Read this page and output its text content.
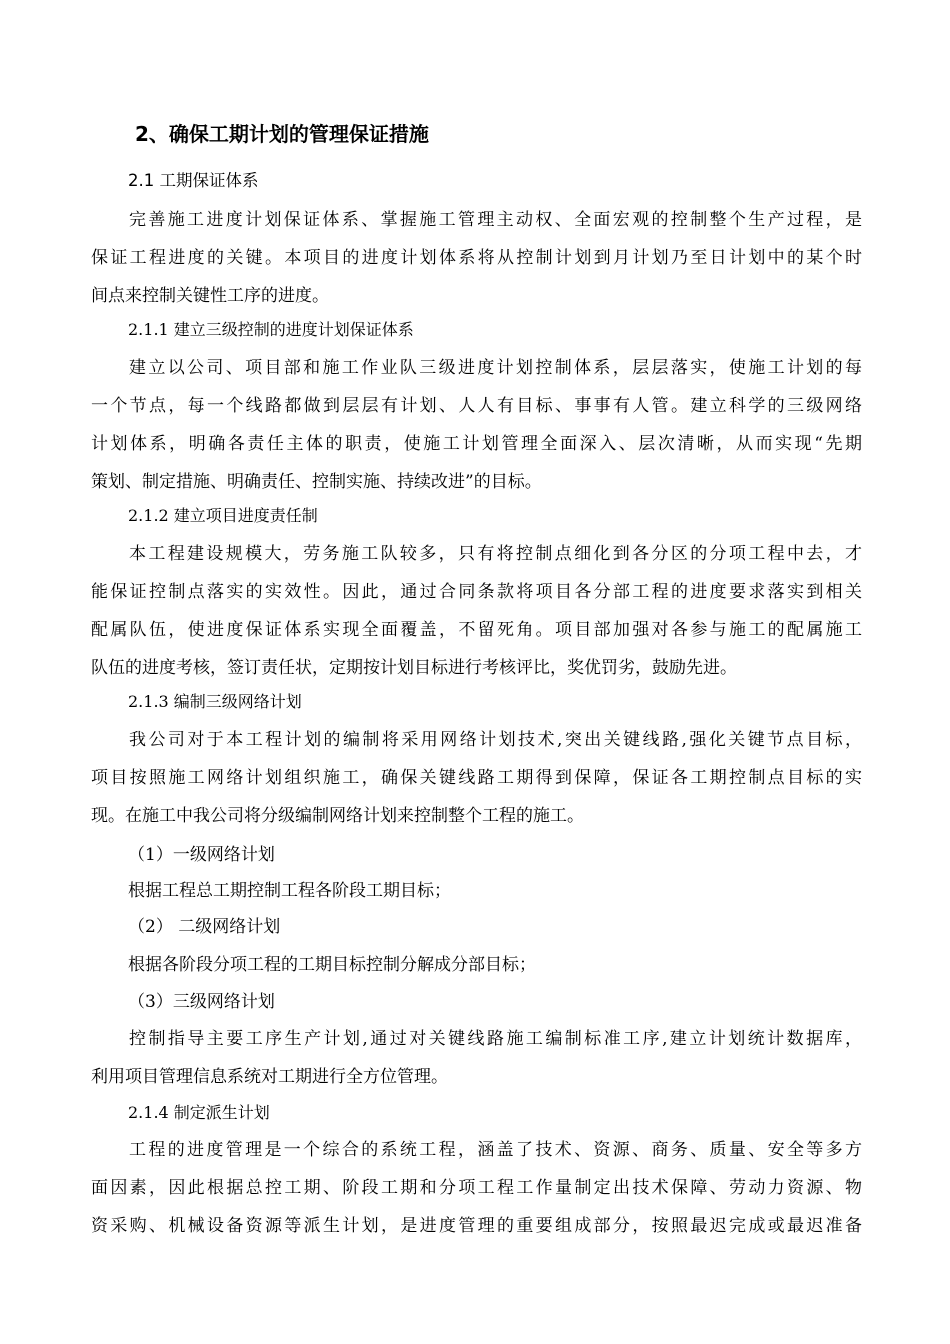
2、确保工期计划的管理保证措施
2.1 工期保证体系
完善施工进度计划保证体系、掌握施工管理主动权、全面宏观的控制整个生产过程，是
保证工程进度的关键。本项目的进度计划体系将从控制计划到月计划乃至日计划中的某个时
间点来控制关键性工序的进度。
2.1.1 建立三级控制的进度计划保证体系
建立以公司、项目部和施工作业队三级进度计划控制体系，层层落实，使施工计划的每
一个节点，每一个线路都做到层层有计划、人人有目标、事事有人管。建立科学的三级网络
计划体系，明确各责任主体的职责，使施工计划管理全面深入、层次清晰，从而实现“先期
策划、制定措施、明确责任、控制实施、持续改进”的目标。
2.1.2 建立项目进度责任制
本工程建设规模大，劳务施工队较多，只有将控制点细化到各分区的分项工程中去，才
能保证控制点落实的实效性。因此，通过合同条款将项目各分部工程的进度要求落实到相关
配属队伍，使进度保证体系实现全面覆盖，不留死角。项目部加强对各参与施工的配属施工
队伍的进度考核，签订责任状，定期按计划目标进行考核评比，奖优罚劣，鼓励先进。
2.1.3 编制三级网络计划
我公司对于本工程计划的编制将采用网络计划技术,突出关键线路,强化关键节点目标，
项目按照施工网络计划组织施工，确保关键线路工期得到保障，保证各工期控制点目标的实
现。在施工中我公司将分级编制网络计划来控制整个工程的施工。
（1）一级网络计划
根据工程总工期控制工程各阶段工期目标；
（2） 二级网络计划
根据各阶段分项工程的工期目标控制分解成分部目标；
（3）三级网络计划
控制指导主要工序生产计划,通过对关键线路施工编制标准工序,建立计划统计数据库，
利用项目管理信息系统对工期进行全方位管理。
2.1.4 制定派生计划
工程的进度管理是一个综合的系统工程，涵盖了技术、资源、商务、质量、安全等多方
面因素，因此根据总控工期、阶段工期和分项工程工作量制定出技术保障、劳动力资源、物
资采购、机械设备资源等派生计划，是进度管理的重要组成部分，按照最迟完成或最迟准备
